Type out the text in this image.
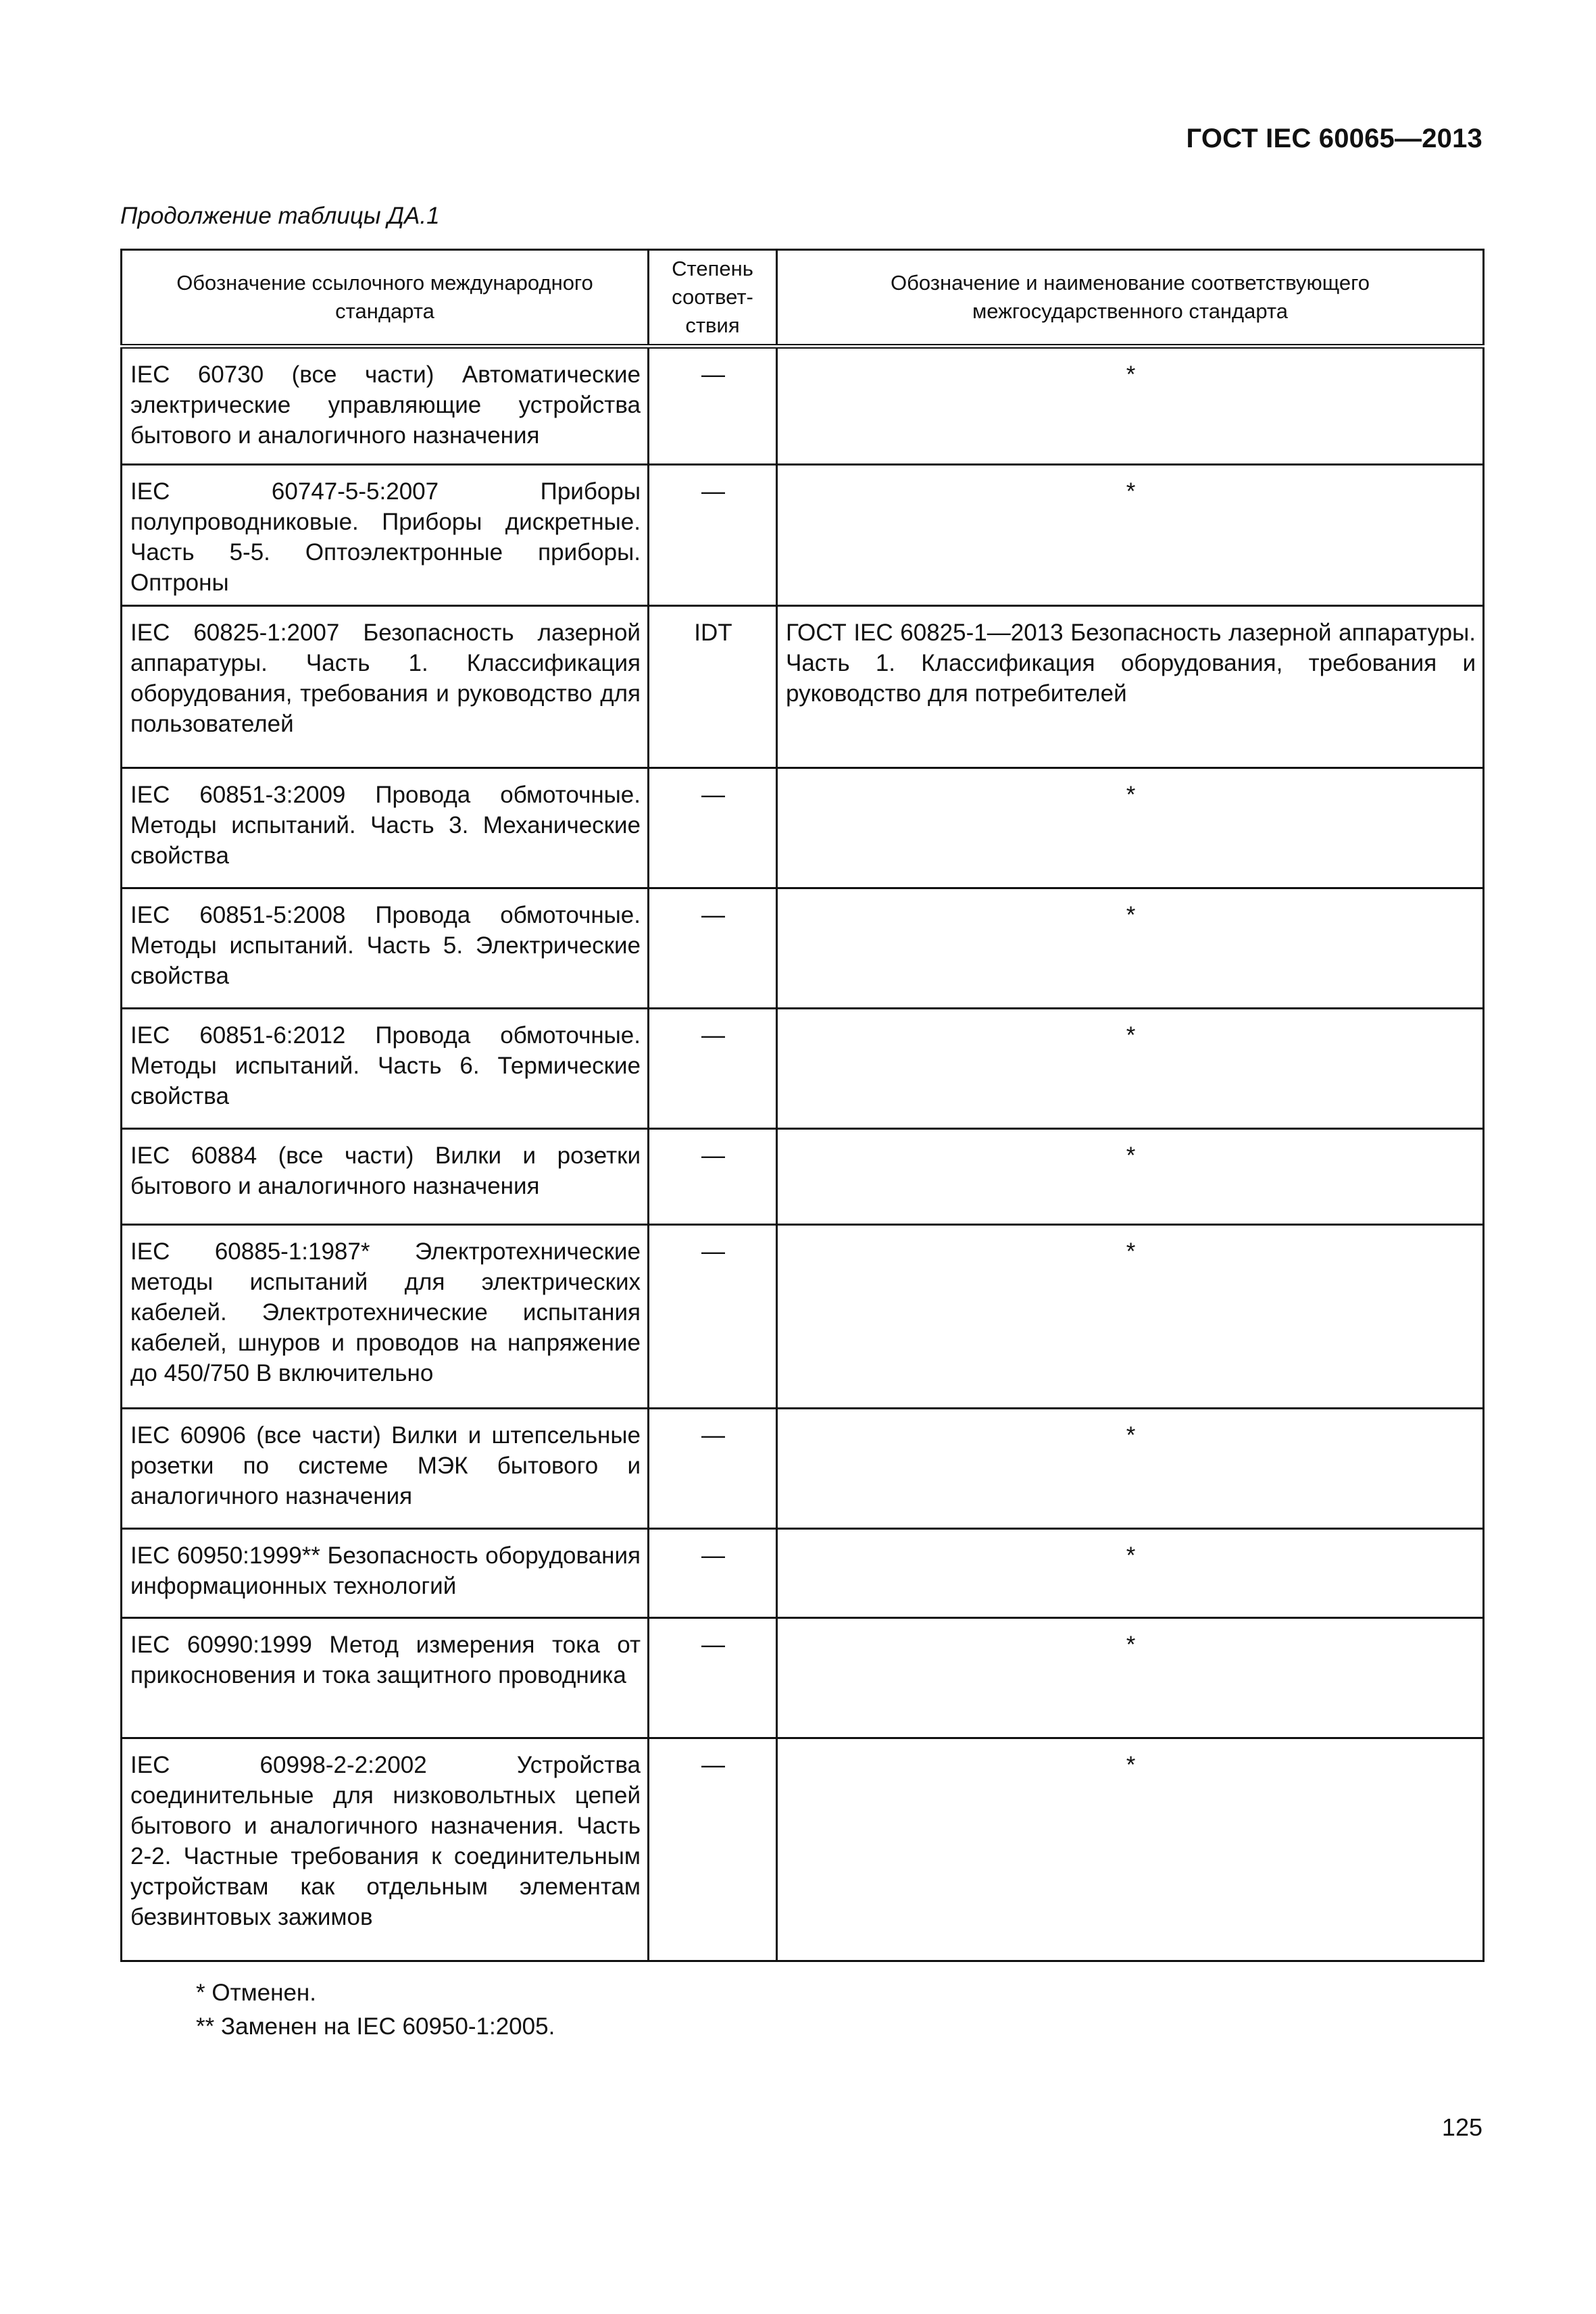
ГОСТ IEC 60065—2013
Продолжение таблицы ДА.1
Обозначение ссылочного международного стандарта	Степень соответ-ствия	Обозначение и наименование соответствующего межгосударственного стандарта
IEC 60730 (все части) Автоматические электрические управляющие устройства бытового и аналогичного назначения	—	*
IEC 60747-5-5:2007 Приборы полупроводниковые. Приборы дискретные. Часть 5-5. Оптоэлектронные приборы. Оптроны	—	*
IEC 60825-1:2007 Безопасность лазерной аппаратуры. Часть 1. Классификация оборудования, требования и руководство для пользователей	IDT	ГОСТ IEC 60825-1—2013 Безопасность лазерной аппаратуры. Часть 1. Классификация оборудования, требования и руководство для потребителей
IEC 60851-3:2009 Провода обмоточные. Методы испытаний. Часть 3. Механические свойства	—	*
IEC 60851-5:2008 Провода обмоточные. Методы испытаний. Часть 5. Электрические свойства	—	*
IEC 60851-6:2012 Провода обмоточные. Методы испытаний. Часть 6. Термические свойства	—	*
IEC 60884 (все части) Вилки и розетки бытового и аналогичного назначения	—	*
IEC 60885-1:1987* Электротехнические методы испытаний для электрических кабелей. Электротехнические испытания кабелей, шнуров и проводов на напряжение до 450/750 В включительно	—	*
IEC 60906 (все части) Вилки и штепсельные розетки по системе МЭК бытового и аналогичного назначения	—	*
IEC 60950:1999** Безопасность оборудования информационных технологий	—	*
IEC 60990:1999 Метод измерения тока от прикосновения и тока защитного проводника	—	*
IEC 60998-2-2:2002 Устройства соединительные для низковольтных цепей бытового и аналогичного назначения. Часть 2-2. Частные требования к соединительным устройствам как отдельным элементам безвинтовых зажимов	—	*
* Отменен.
** Заменен на IEC 60950-1:2005.
125
